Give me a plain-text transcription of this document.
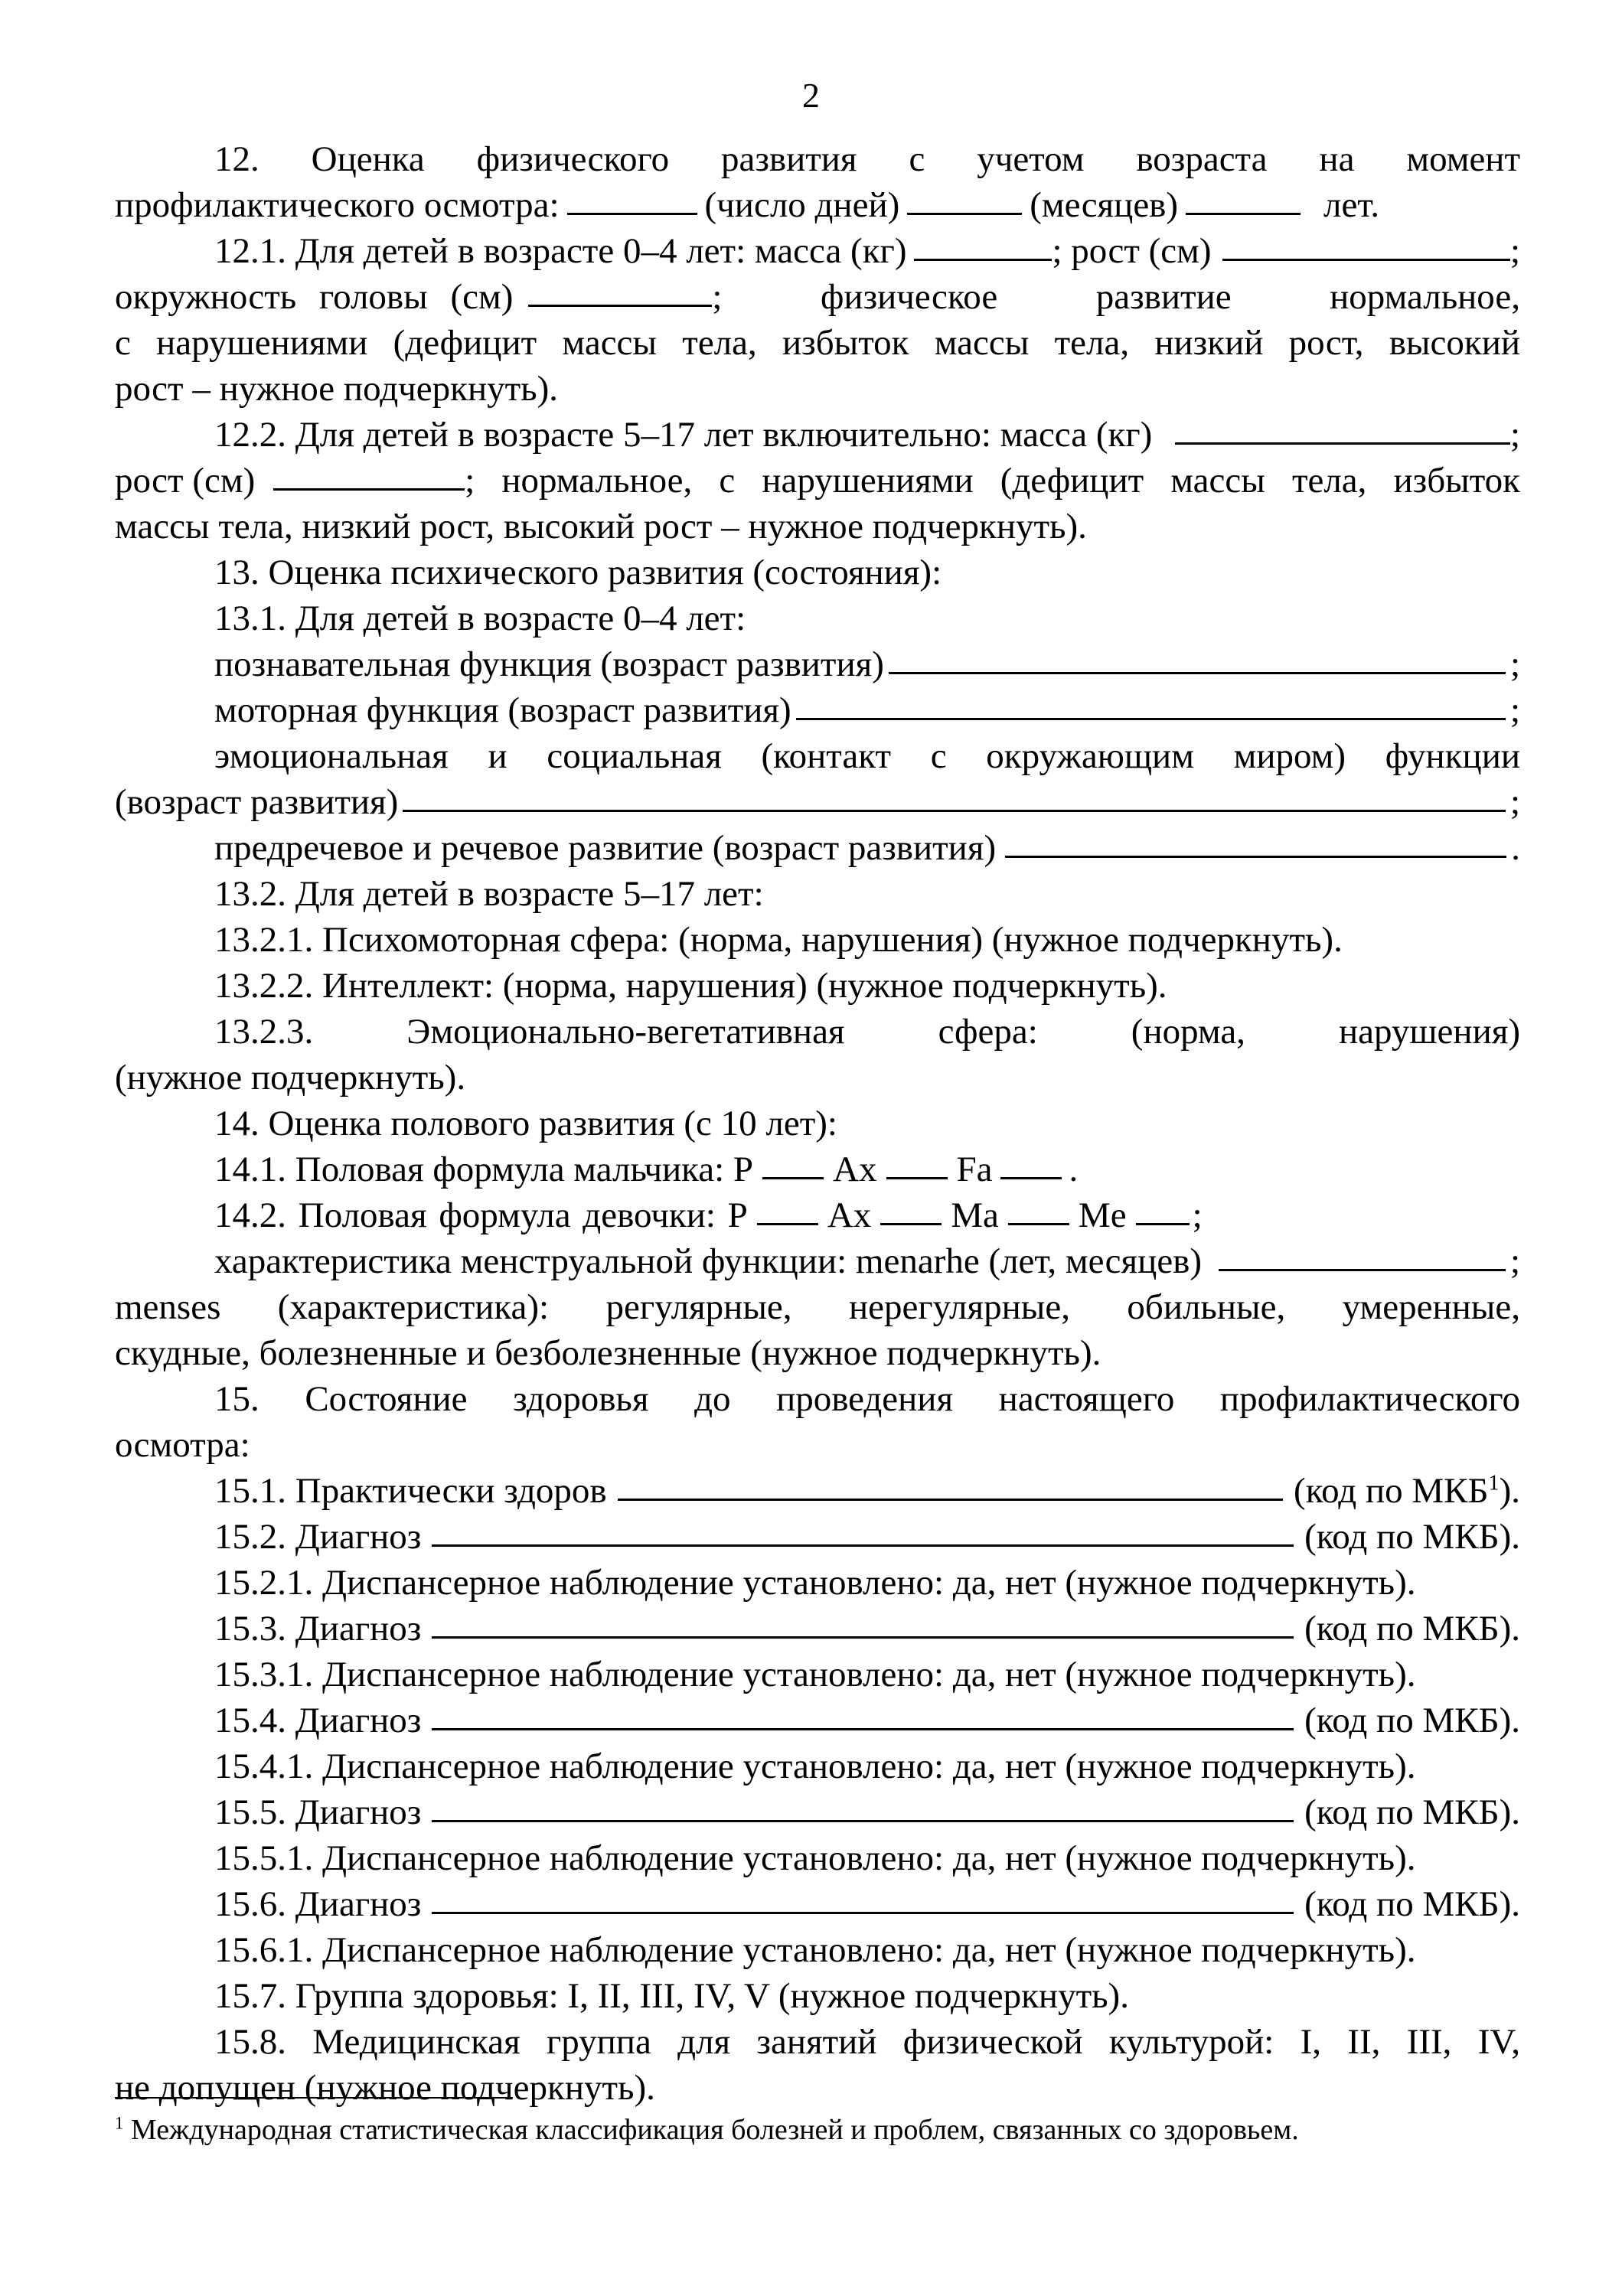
2
12. Оценка физического развития с учетом возраста на момент
профилактического осмотра:	(число дней)	(месяцев)	лет.
12.1. Для детей в возрасте 0–4 лет: масса (кг)	; рост (см)	;
окружность головы (см)	; физическое развитие нормальное,
с нарушениями (дефицит массы тела, избыток массы тела, низкий рост, высокий
рост – нужное подчеркнуть).
12.2. Для детей в возрасте 5–17 лет включительно: масса (кг)	;
рост (см)	; нормальное, с нарушениями (дефицит массы тела, избыток
массы тела, низкий рост, высокий рост – нужное подчеркнуть).
13. Оценка психического развития (состояния):
13.1. Для детей в возрасте 0–4 лет:
познавательная функция (возраст развития)	;
моторная функция (возраст развития)	;
эмоциональная и социальная (контакт с окружающим миром) функции
(возраст развития)	;
предречевое и речевое развитие (возраст развития)	.
13.2. Для детей в возрасте 5–17 лет:
13.2.1. Психомоторная сфера: (норма, нарушения) (нужное подчеркнуть).
13.2.2. Интеллект: (норма, нарушения) (нужное подчеркнуть).
13.2.3. Эмоционально-вегетативная сфера: (норма, нарушения)
(нужное подчеркнуть).
14. Оценка полового развития (с 10 лет):
14.1. Половая формула мальчика: P Ax Fa .
14.2. Половая формула девочки: P Ax Ma Me ;
характеристика менструальной функции: menarhe (лет, месяцев)	;
menses (характеристика): регулярные, нерегулярные, обильные, умеренные,
скудные, болезненные и безболезненные (нужное подчеркнуть).
15. Состояние здоровья до проведения настоящего профилактического
осмотра:
15.1. Практически здоров	(код по МКБ$^1$).
15.2. Диагноз	(код по МКБ).
15.2.1. Диспансерное наблюдение установлено: да, нет (нужное подчеркнуть).
15.3. Диагноз	(код по МКБ).
15.3.1. Диспансерное наблюдение установлено: да, нет (нужное подчеркнуть).
15.4. Диагноз	(код по МКБ).
15.4.1. Диспансерное наблюдение установлено: да, нет (нужное подчеркнуть).
15.5. Диагноз	(код по МКБ).
15.5.1. Диспансерное наблюдение установлено: да, нет (нужное подчеркнуть).
15.6. Диагноз	(код по МКБ).
15.6.1. Диспансерное наблюдение установлено: да, нет (нужное подчеркнуть).
15.7. Группа здоровья: I, II, III, IV, V (нужное подчеркнуть).
15.8. Медицинская группа для занятий физической культурой: I, II, III, IV,
не допущен (нужное подчеркнуть).
$^1$ Международная статистическая классификация болезней и проблем, связанных со здоровьем.
